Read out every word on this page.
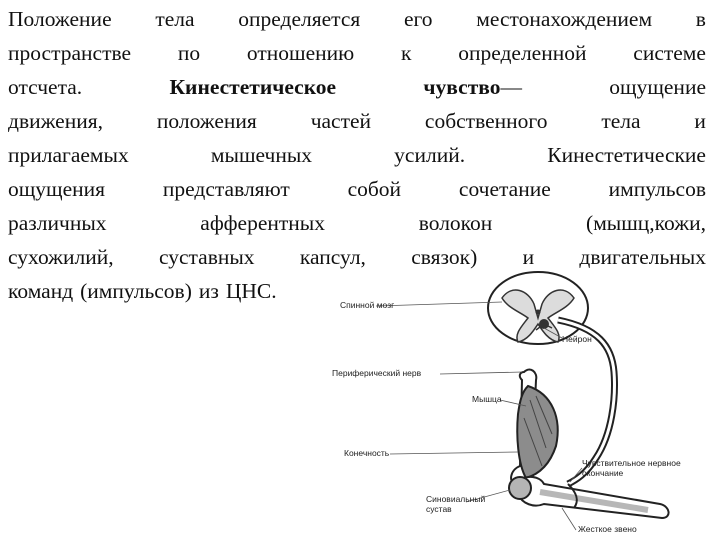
Положение тела определяется его местонахождением в
пространстве по отношению к определенной системе
отсчета.	Кинестетическое	чувство—	ощущение
движения,	положения	частей	собственного	тела	и
прилагаемых	мышечных	усилий.	Кинестетические
ощущения	представляют	собой	сочетание	импульсов
различных	афферентных	волокон	(мышц,кожи,
сухожилий, суставных капсул, связок) и двигательных
команд (импульсов) из ЦНС.
Спинной мозг
Нейрон
Периферический нерв
Мышца
Конечность
Чувствительное нервное окончание
Синовиальный сустав
Жесткое звено
